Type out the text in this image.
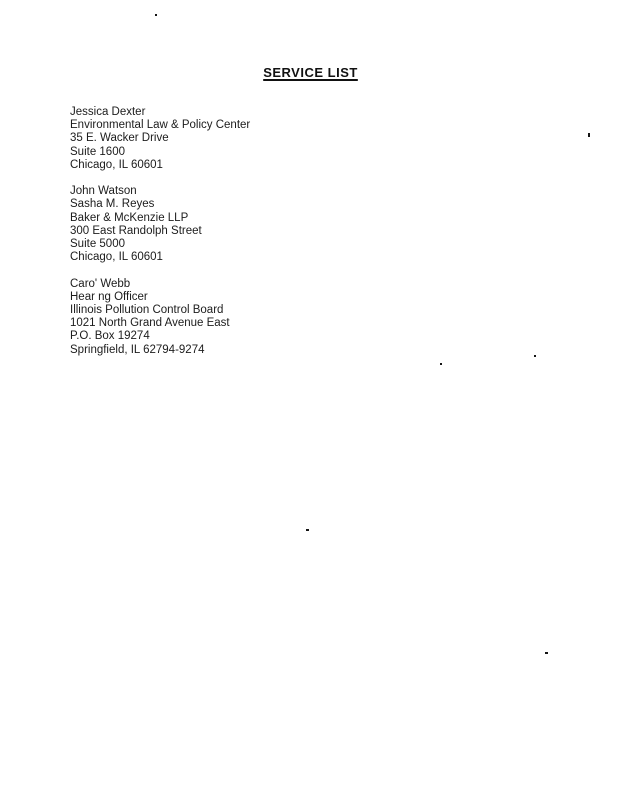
SERVICE LIST
Jessica Dexter
Environmental Law & Policy Center
35 E. Wacker Drive
Suite 1600
Chicago, IL 60601
John Watson
Sasha M. Reyes
Baker & McKenzie LLP
300 East Randolph Street
Suite 5000
Chicago, IL 60601
Caro' Webb
Hear ng Officer
Illinois Pollution Control Board
1021 North Grand Avenue East
P.O. Box 19274
Springfield, IL 62794-9274
